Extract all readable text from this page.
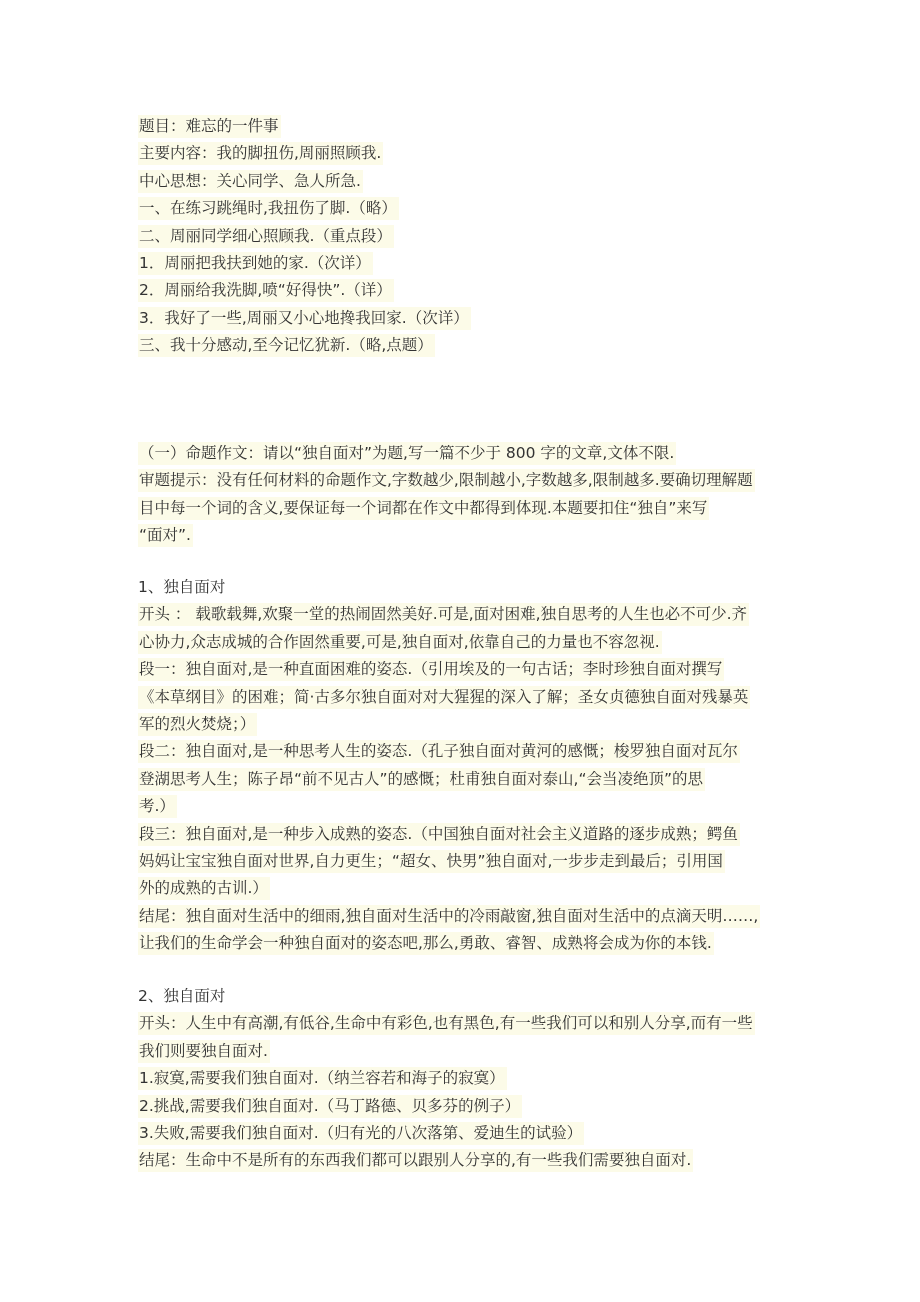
题目：难忘的一件事
主要内容：我的脚扭伤,周丽照顾我.
中心思想：关心同学、急人所急.
一、在练习跳绳时,我扭伤了脚.（略）
二、周丽同学细心照顾我.（重点段）
1．周丽把我扶到她的家.（次详）
2．周丽给我洗脚,喷“好得快”.（详）
3．我好了一些,周丽又小心地搀我回家.（次详）
三、我十分感动,至今记忆犹新.（略,点题）
（一）命题作文：请以“独自面对”为题,写一篇不少于 800 字的文章,文体不限.
审题提示：没有任何材料的命题作文,字数越少,限制越小,字数越多,限制越多.要确切理解题
目中每一个词的含义,要保证每一个词都在作文中都得到体现.本题要扣住“独自”来写
“面对”.
1、独自面对
开头 ： 载歌载舞,欢聚一堂的热闹固然美好.可是,面对困难,独自思考的人生也必不可少.齐
心协力,众志成城的合作固然重要,可是,独自面对,依靠自己的力量也不容忽视.
段一：独自面对,是一种直面困难的姿态.（引用埃及的一句古话；李时珍独自面对撰写
《本草纲目》的困难；简·古多尔独自面对对大猩猩的深入了解；圣女贞德独自面对残暴英
军的烈火焚烧；）
段二：独自面对,是一种思考人生的姿态.（孔子独自面对黄河的感慨；梭罗独自面对瓦尔
登湖思考人生；陈子昂“前不见古人”的感慨；杜甫独自面对泰山,“会当凌绝顶”的思
考.）
段三：独自面对,是一种步入成熟的姿态.（中国独自面对社会主义道路的逐步成熟；鳄鱼
妈妈让宝宝独自面对世界,自力更生；“超女、快男”独自面对,一步步走到最后；引用国
外的成熟的古训.）
结尾：独自面对生活中的细雨,独自面对生活中的冷雨敲窗,独自面对生活中的点滴天明……,
让我们的生命学会一种独自面对的姿态吧,那么,勇敢、睿智、成熟将会成为你的本钱.
2、独自面对
开头：人生中有高潮,有低谷,生命中有彩色,也有黑色,有一些我们可以和别人分享,而有一些
我们则要独自面对.
1.寂寞,需要我们独自面对.（纳兰容若和海子的寂寞）
2.挑战,需要我们独自面对.（马丁路德、贝多芬的例子）
3.失败,需要我们独自面对.（归有光的八次落第、爱迪生的试验）
结尾：生命中不是所有的东西我们都可以跟别人分享的,有一些我们需要独自面对.
